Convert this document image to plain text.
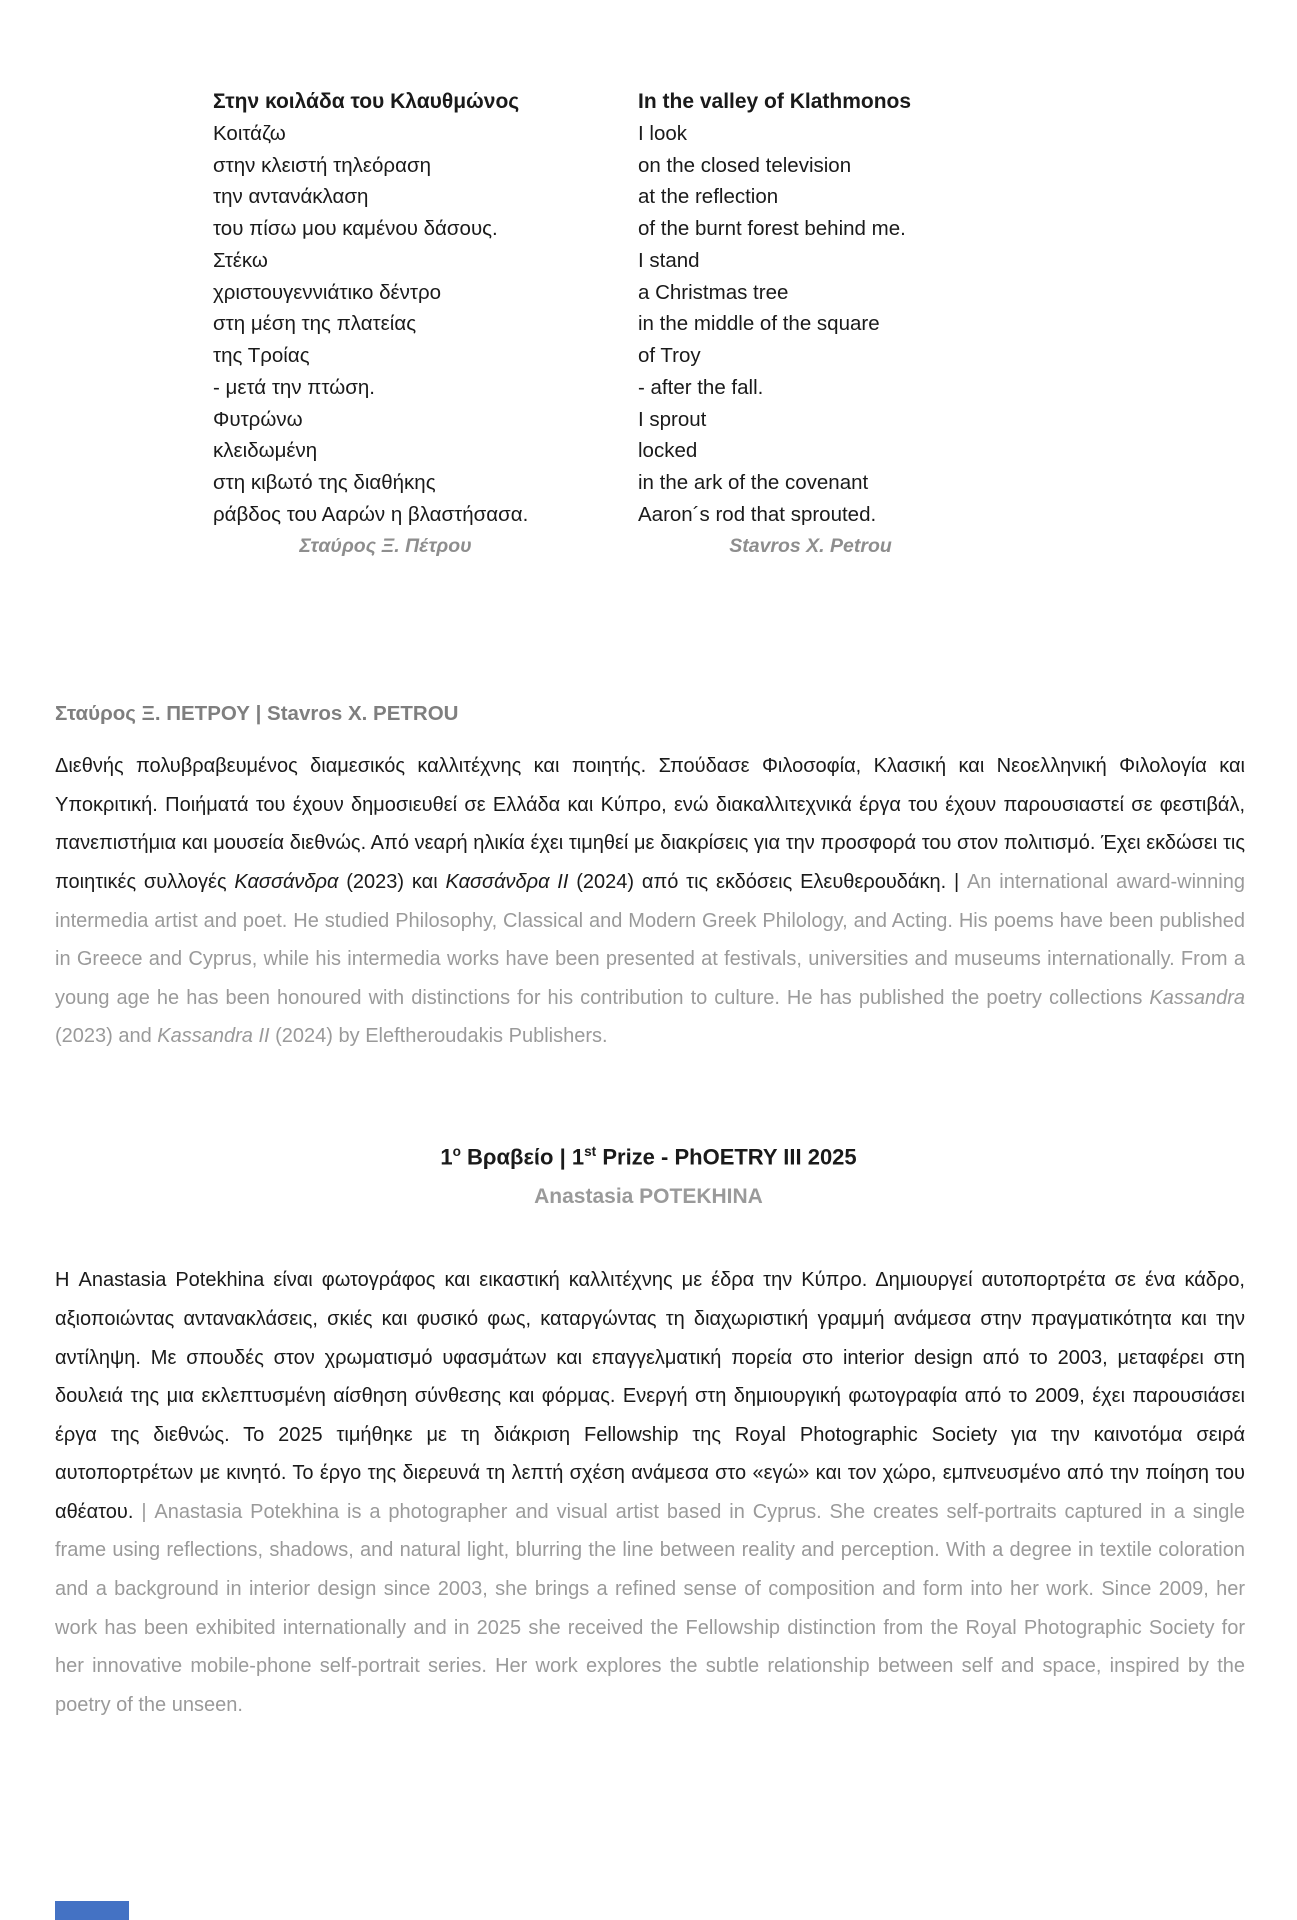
Στην κοιλάδα του Κλαυθμώνος
Κοιτάζω
στην κλειστή τηλεόραση
την αντανάκλαση
του πίσω μου καμένου δάσους.
Στέκω
χριστουγεννιάτικο δέντρο
στη μέση της πλατείας
της Τροίας
- μετά την πτώση.
Φυτρώνω
κλειδωμένη
στη κιβωτό της διαθήκης
ράβδος του Ααρών η βλαστήσασα.
Σταύρος Ξ. Πέτρου
In the valley of Klathmonos
I look
on the closed television
at the reflection
of the burnt forest behind me.
I stand
a Christmas tree
in the middle of the square
of Troy
- after the fall.
I sprout
locked
in the ark of the covenant
Aaron´s rod that sprouted.
Stavros X. Petrou
Σταύρος Ξ. ΠΕΤΡΟΥ | Stavros X. PETROU

Διεθνής πολυβραβευμένος διαμεσικός καλλιτέχνης και ποιητής. Σπούδασε Φιλοσοφία, Κλασική και Νεοελληνική Φιλολογία και Υποκριτική. Ποιήματά του έχουν δημοσιευθεί σε Ελλάδα και Κύπρο, ενώ διακαλλιτεχνικά έργα του έχουν παρουσιαστεί σε φεστιβάλ, πανεπιστήμια και μουσεία διεθνώς. Από νεαρή ηλικία έχει τιμηθεί με διακρίσεις για την προσφορά του στον πολιτισμό. Έχει εκδώσει τις ποιητικές συλλογές Κασσάνδρα (2023) και Κασσάνδρα II (2024) από τις εκδόσεις Ελευθερουδάκη. | An international award-winning intermedia artist and poet. He studied Philosophy, Classical and Modern Greek Philology, and Acting. His poems have been published in Greece and Cyprus, while his intermedia works have been presented at festivals, universities and museums internationally. From a young age he has been honoured with distinctions for his contribution to culture. He has published the poetry collections Kassandra (2023) and Kassandra II (2024) by Eleftheroudakis Publishers.

$1^o$ Βραβείο | 1st Prize - PhOETRY III 2025
Anastasia POTEKHINA

Η Anastasia Potekhina είναι φωτογράφος και εικαστική καλλιτέχνης με έδρα την Κύπρο. Δημιουργεί αυτοπορτρέτα σε ένα κάδρο, αξιοποιώντας αντανακλάσεις, σκιές και φυσικό φως, καταργώντας τη διαχωριστική γραμμή ανάμεσα στην πραγματικότητα και την αντίληψη. Με σπουδές στον χρωματισμό υφασμάτων και επαγγελματική πορεία στο interior design από το 2003, μεταφέρει στη δουλειά της μια εκλεπτυσμένη αίσθηση σύνθεσης και φόρμας. Ενεργή στη δημιουργική φωτογραφία από το 2009, έχει παρουσιάσει έργα της διεθνώς. Το 2025 τιμήθηκε με τη διάκριση Fellowship της Royal Photographic Society για την καινοτόμα σειρά αυτοπορτρέτων με κινητό. Το έργο της διερευνά τη λεπτή σχέση ανάμεσα στο «εγώ» και τον χώρο, εμπνευσμένο από την ποίηση του αθέατου. | Anastasia Potekhina is a photographer and visual artist based in Cyprus. She creates self-portraits captured in a single frame using reflections, shadows, and natural light, blurring the line between reality and perception. With a degree in textile coloration and a background in interior design since 2003, she brings a refined sense of composition and form into her work. Since 2009, her work has been exhibited internationally and in 2025 she received the Fellowship distinction from the Royal Photographic Society for her innovative mobile-phone self-portrait series. Her work explores the subtle relationship between self and space, inspired by the poetry of the unseen.
